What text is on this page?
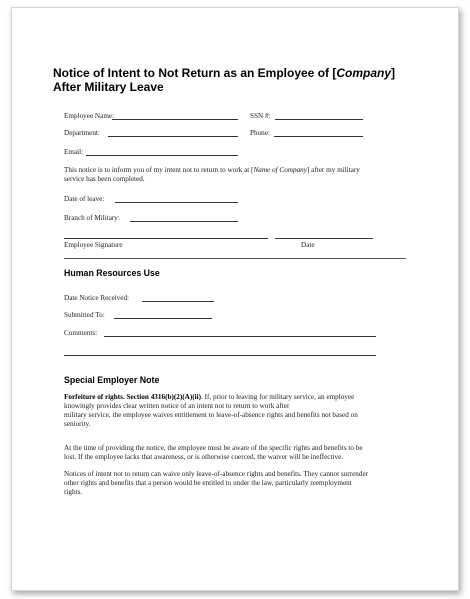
Notice of Intent to Not Return as an Employee of [Company]
After Military Leave
Employee Name:	SSN #:
Department:	Phone:
Email:
This notice is to inform you of my intent not to return to work at [Name of Company] after my military
service has been completed.
Date of leave:
Branch of Military:
Employee Signature	Date
Human Resources Use
Date Notice Received:
Submitted To:
Comments:
Special Employer Note
Forfeiture of rights. Section 4316(b)(2)(A)(ii). If, prior to leaving for military service, an employee
knowingly provides clear written notice of an intent not to return to work after
military service, the employee waives entitlement to leave-of-absence rights and benefits not based on
seniority.
At the time of providing the notice, the employee must be aware of the specific rights and benefits to be
lost. If the employee lacks that awareness, or is otherwise coerced, the waiver will be ineffective.
Notices of intent not to return can waive only leave-of-absence rights and benefits. They cannot surrender
other rights and benefits that a person would be entitled to under the law, particularly reemployment
rights.
